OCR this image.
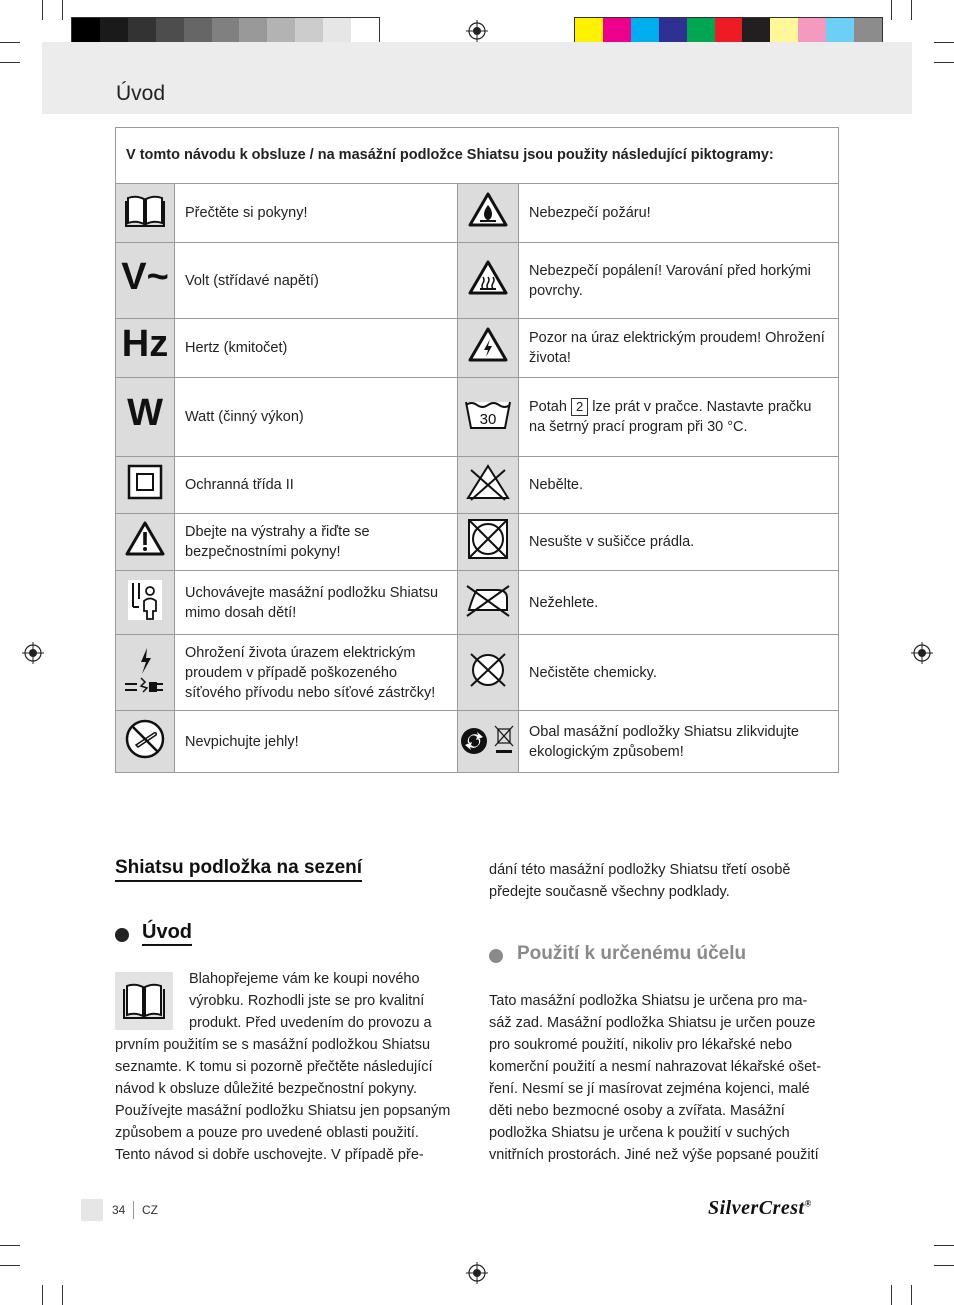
Úvod
V tomto návodu k obsluze / na masážní podložce Shiatsu jsou použity následující piktogramy:			
	Přečtěte si pokyny!		Nebezpečí požáru!
V~	Volt (střídavé napětí)		Nebezpečí popálení! Varování před horkými povrchy.
Hz	Hertz (kmitočet)		Pozor na úraz elektrickým proudem! Ohrožení života!
W	Watt (činný výkon)	30	Potah 2 lze prát v pračce. Nastavte pračku na šetrný prací program při 30 °C.
	Ochranná třída II		Nebělte.
	Dbejte na výstrahy a řiďte se bezpečnostními pokyny!		Nesušte v sušičce prádla.
	Uchovávejte masážní podložku Shiatsu mimo dosah dětí!		Nežehlete.
	Ohrožení života úrazem elektrickým proudem v případě poškozeného síťového přívodu nebo síťové zástrčky!		Nečistěte chemicky.
	Nevpichujte jehly!		Obal masážní podložky Shiatsu zlikvidujte ekologickým způsobem!
Shiatsu podložka na sezení
Úvod
Blahopřejeme vám ke koupi nového
výrobku. Rozhodli jste se pro kvalitní
produkt. Před uvedením do provozu a
prvním použitím se s masážní podložkou Shiatsu
seznamte. K tomu si pozorně přečtěte následující
návod k obsluze důležité bezpečnostní pokyny.
Používejte masážní podložku Shiatsu jen popsaným
způsobem a pouze pro uvedené oblasti použití.
Tento návod si dobře uschovejte. V případě pře-
dání této masážní podložky Shiatsu třetí osobě
předejte současně všechny podklady.
Použití k určenému účelu
Tato masážní podložka Shiatsu je určena pro ma-
sáž zad. Masážní podložka Shiatsu je určen pouze
pro soukromé použití, nikoliv pro lékařské nebo
komerční použití a nesmí nahrazovat lékařské ošet-
ření. Nesmí se jí masírovat zejména kojenci, malé
děti nebo bezmocné osoby a zvířata. Masážní
podložka Shiatsu je určena k použití v suchých
vnitřních prostorách. Jiné než výše popsané použití
34 CZ	SilverCrest®
